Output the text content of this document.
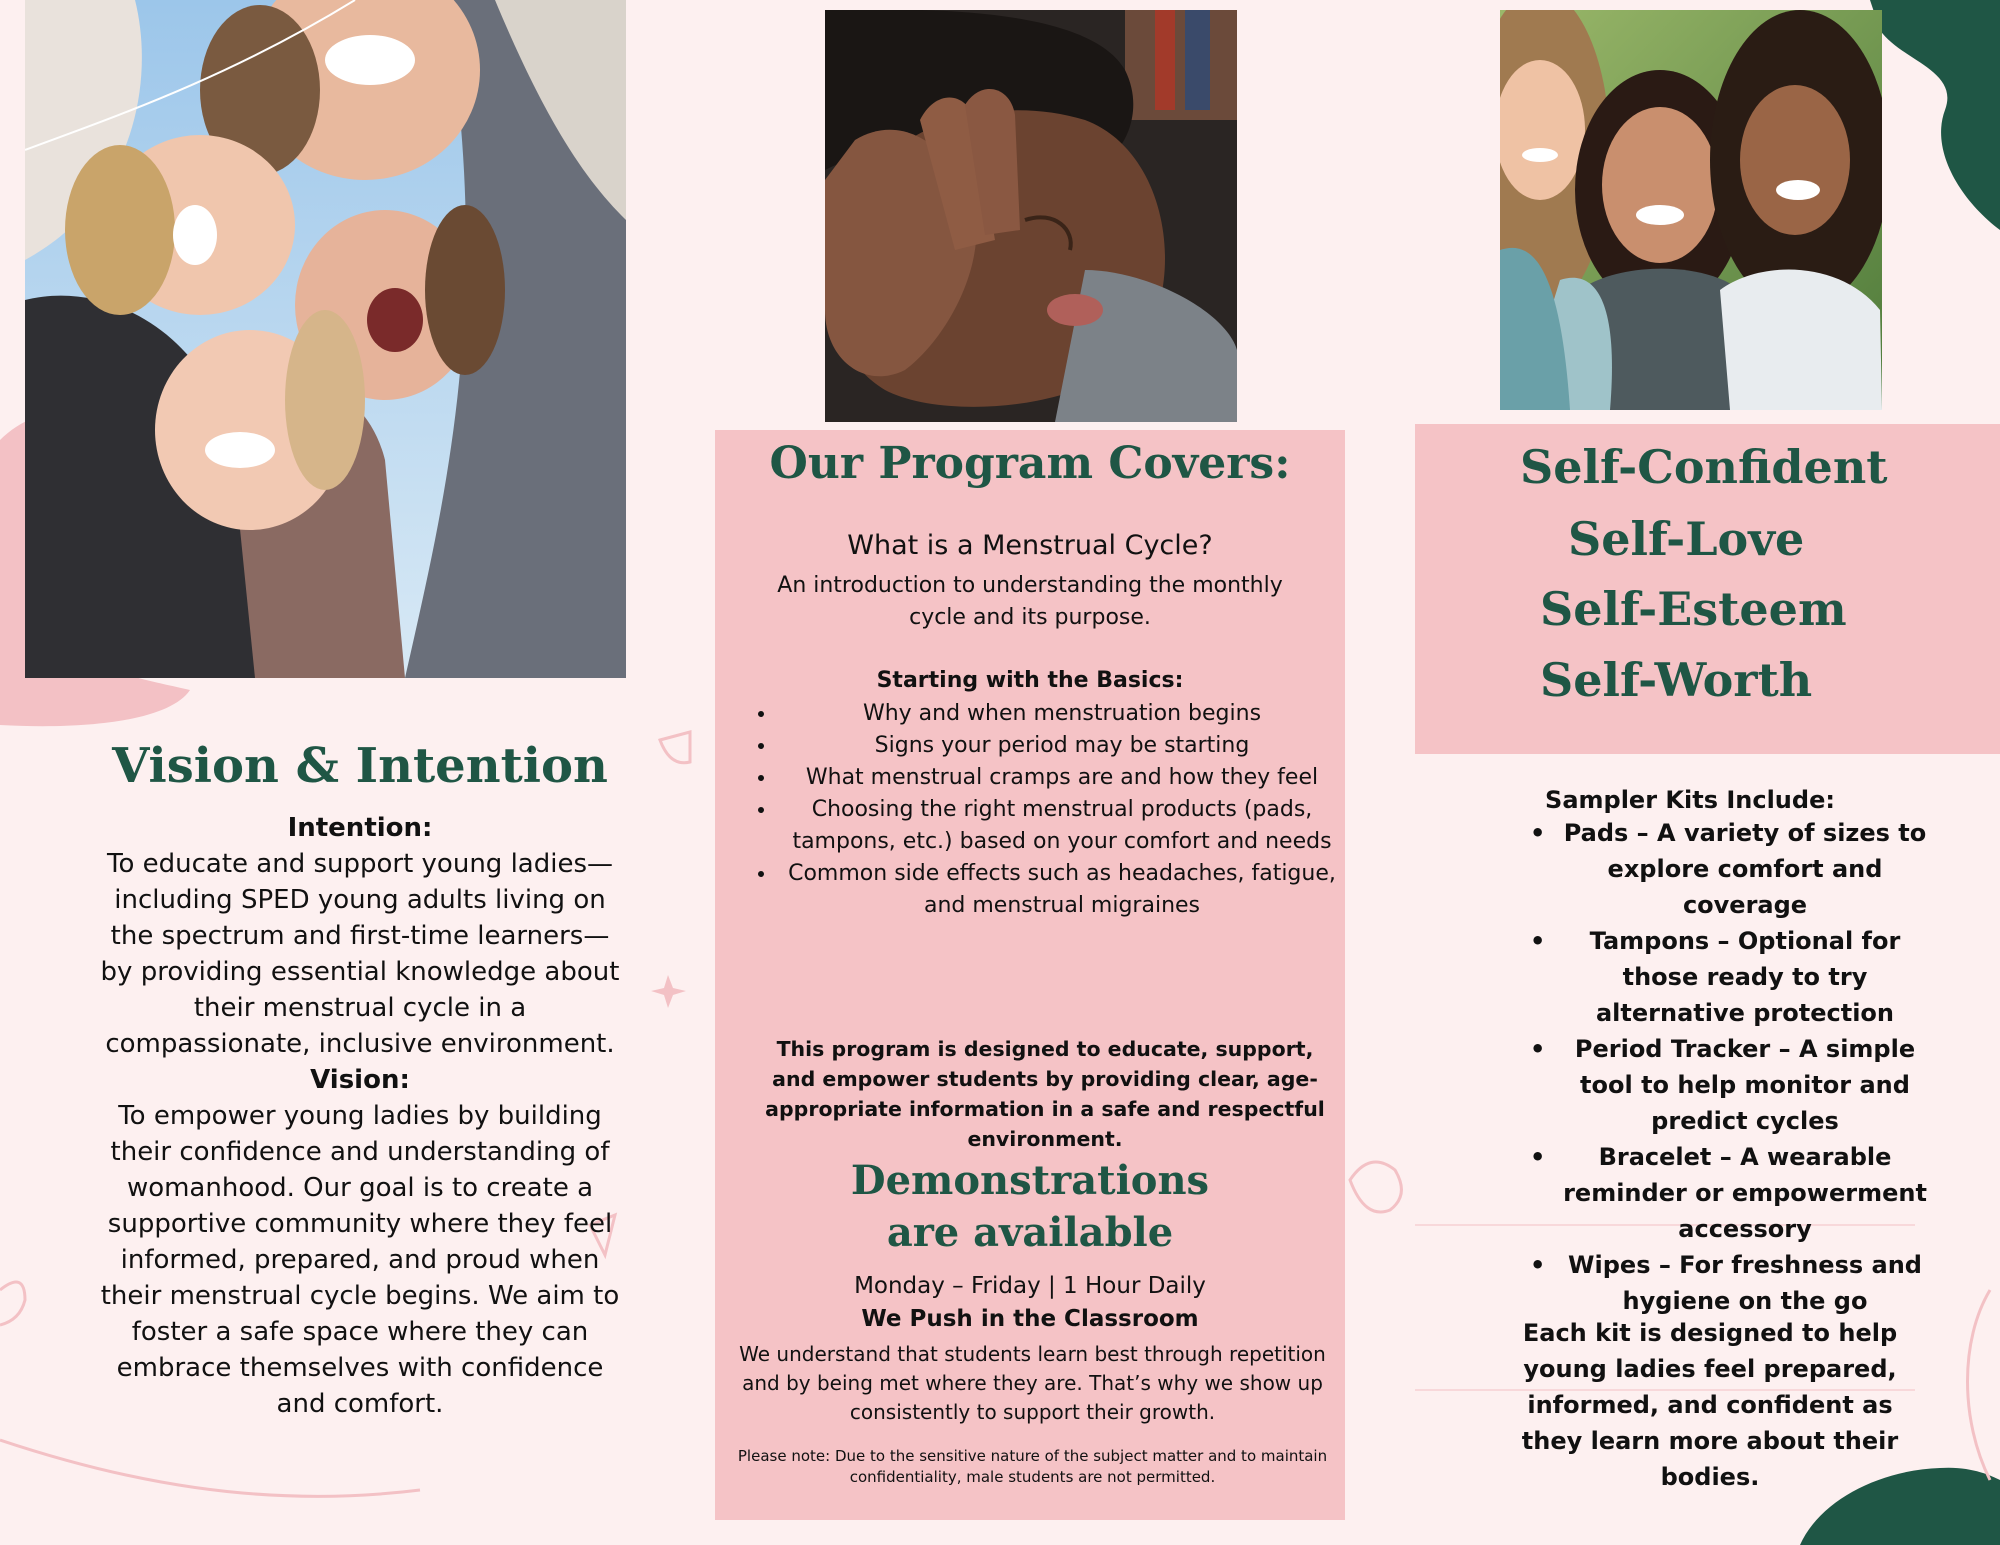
Vision & Intention
Intention:
To educate and support young ladies—including SPED young adults living on the spectrum and first-time learners—by providing essential knowledge about their menstrual cycle in a compassionate, inclusive environment.
Vision:
To empower young ladies by building their confidence and understanding of womanhood. Our goal is to create a supportive community where they feel informed, prepared, and proud when their menstrual cycle begins. We aim to foster a safe space where they can embrace themselves with confidence and comfort.
Our Program Covers:
What is a Menstrual Cycle?
An introduction to understanding the monthly cycle and its purpose.
Starting with the Basics:
• Why and when menstruation begins
• Signs your period may be starting
• What menstrual cramps are and how they feel
• Choosing the right menstrual products (pads, tampons, etc.) based on your comfort and needs
• Common side effects such as headaches, fatigue, and menstrual migraines
This program is designed to educate, support, and empower students by providing clear, age-appropriate information in a safe and respectful environment.
Demonstrations
are available
Monday – Friday | 1 Hour Daily
We Push in the Classroom
We understand that students learn best through repetition and by being met where they are. That’s why we show up consistently to support their growth.
Please note: Due to the sensitive nature of the subject matter and to maintain confidentiality, male students are not permitted.
Self-Confident
Self-Love
Self-Esteem
Self-Worth
Sampler Kits Include:
• Pads – A variety of sizes to explore comfort and coverage
• Tampons – Optional for those ready to try alternative protection
• Period Tracker – A simple tool to help monitor and predict cycles
• Bracelet – A wearable reminder or empowerment accessory
• Wipes – For freshness and hygiene on the go
Each kit is designed to help young ladies feel prepared, informed, and confident as they learn more about their bodies.
